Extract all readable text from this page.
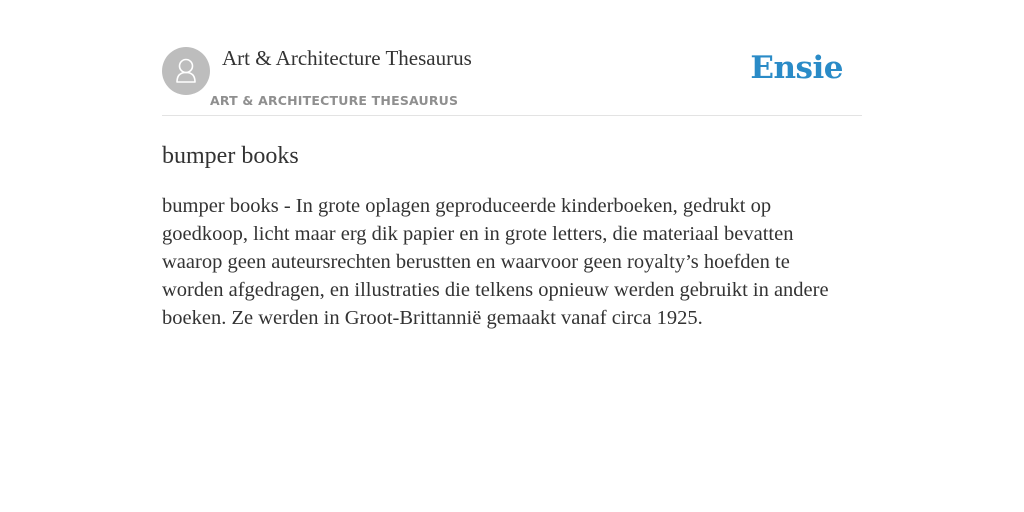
Art & Architecture Thesaurus
ART & ARCHITECTURE THESAURUS
Ensie
bumper books

bumper books - In grote oplagen geproduceerde kinderboeken, gedrukt op goedkoop, licht maar erg dik papier en in grote letters, die materiaal bevatten waarop geen auteursrechten berustten en waarvoor geen royalty’s hoefden te worden afgedragen, en illustraties die telkens opnieuw werden gebruikt in andere boeken. Ze werden in Groot-Brittannië gemaakt vanaf circa 1925.
